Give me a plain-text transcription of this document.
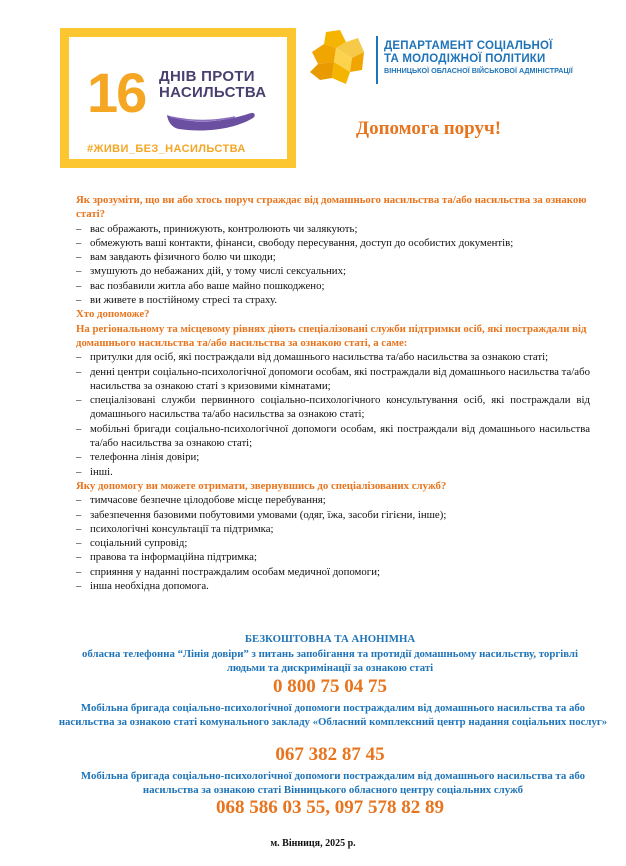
16 ДНІВ ПРОТИ
НАСИЛЬСТВА
#ЖИВИ_БЕЗ_НАСИЛЬСТВА
ДЕПАРТАМЕНТ СОЦІАЛЬНОЇ
ТА МОЛОДІЖНОЇ ПОЛІТИКИ
ВІННИЦЬКОЇ ОБЛАСНОЇ ВІЙСЬКОВОЇ АДМІНІСТРАЦІЇ
Допомога поруч!
Як зрозуміти, що ви або хтось поруч страждає від домашнього насильства та/або насильства за ознакою статі?
– вас ображають, принижують, контролюють чи залякують;
– обмежують ваші контакти, фінанси, свободу пересування, доступ до особистих документів;
– вам завдають фізичного болю чи шкоди;
– змушують до небажаних дій, у тому числі сексуальних;
– вас позбавили житла або ваше майно пошкоджено;
– ви живете в постійному стресі та страху.
Хто допоможе?
На регіональному та місцевому рівнях діють спеціалізовані служби підтримки осіб, які постраждали від домашнього насильства та/або насильства за ознакою статі, а саме:
– притулки для осіб, які постраждали від домашнього насильства та/або насильства за ознакою статі;
– денні центри соціально-психологічної допомоги особам, які постраждали від домашнього насильства та/або насильства за ознакою статі з кризовими кімнатами;
– спеціалізовані служби первинного соціально-психологічного консультування осіб, які постраждали від домашнього насильства та/або насильства за ознакою статі;
– мобільні бригади соціально-психологічної допомоги особам, які постраждали від домашнього насильства та/або насильства за ознакою статі;
– телефонна лінія довіри;
– інші.
Яку допомогу ви можете отримати, звернувшись до спеціалізованих служб?
– тимчасове безпечне цілодобове місце перебування;
– забезпечення базовими побутовими умовами (одяг, їжа, засоби гігієни, інше);
– психологічні консультації та підтримка;
– соціальний супровід;
– правова та інформаційна підтримка;
– сприяння у наданні постраждалим особам медичної допомоги;
– інша необхідна допомога.
БЕЗКОШТОВНА ТА АНОНІМНА
обласна телефонна “Лінія довіри” з питань запобігання та протидії домашньому насильству, торгівлі людьми та дискримінації за ознакою статі
0 800 75 04 75
Мобільна бригада соціально-психологічної допомоги постраждалим від домашнього насильства та або насильства за ознакою статі комунального закладу «Обласний комплексний центр надання соціальних послуг»
067 382 87 45
Мобільна бригада соціально-психологічної допомоги постраждалим від домашнього насильства та або насильства за ознакою статі Вінницького обласного центру соціальних служб
068 586 03 55, 097 578 82 89
м. Вінниця, 2025 р.
